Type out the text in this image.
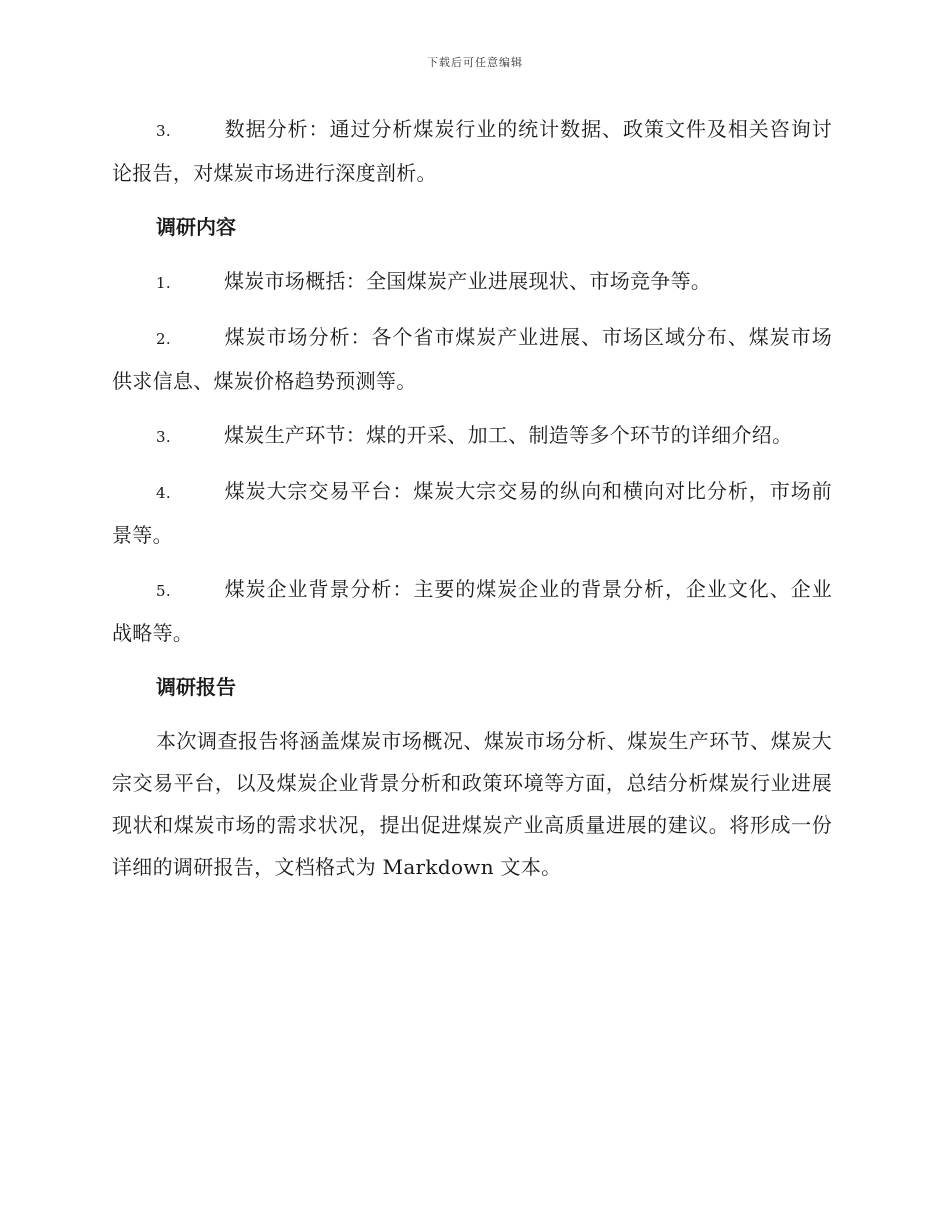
下载后可任意编辑

3.	数据分析：通过分析煤炭行业的统计数据、政策文件及相关咨询讨论报告，对煤炭市场进行深度剖析。

调研内容

1.	煤炭市场概括：全国煤炭产业进展现状、市场竞争等。

2.	煤炭市场分析：各个省市煤炭产业进展、市场区域分布、煤炭市场供求信息、煤炭价格趋势预测等。

3.	煤炭生产环节：煤的开采、加工、制造等多个环节的详细介绍。

4.	煤炭大宗交易平台：煤炭大宗交易的纵向和横向对比分析，市场前景等。

5.	煤炭企业背景分析：主要的煤炭企业的背景分析，企业文化、企业战略等。

调研报告

本次调查报告将涵盖煤炭市场概况、煤炭市场分析、煤炭生产环节、煤炭大宗交易平台，以及煤炭企业背景分析和政策环境等方面，总结分析煤炭行业进展现状和煤炭市场的需求状况，提出促进煤炭产业高质量进展的建议。将形成一份详细的调研报告，文档格式为 Markdown 文本。
